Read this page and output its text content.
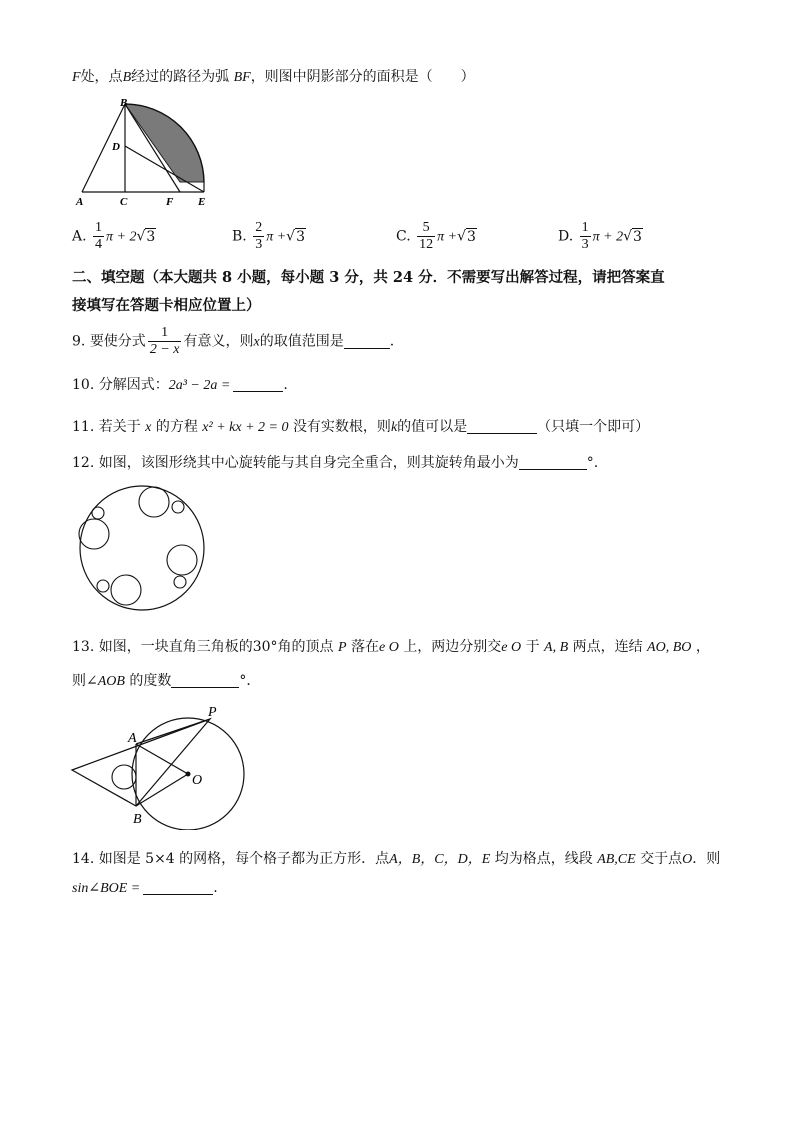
F处，点B经过的路径为弧 BF，则图中阴影部分的面积是（　　）
B
D
A	C	F E
A. $\frac{1}{4}$ π + 2√3	B. $\frac{2}{3}$ π +√3	C. $\frac{5}{12}$ π +√3	D. $\frac{1}{3}$ π + 2√3
二、填空题（本大题共 8 小题，每小题 3 分，共 24 分．不需要写出解答过程，请把答案直
接填写在答题卡相应位置上）
9. 要使分式 $\frac{1}{2 - x}$ 有意义，则x的取值范围是	.
10. 分解因式：2a³ − 2a =	.
11. 若关于 x 的方程 x² + kx + 2 = 0 没有实数根，则k的值可以是	（只填一个即可）
12. 如图，该图形绕其中心旋转能与其自身完全重合，则其旋转角最小为	°.
13. 如图，一块直角三角板的30°角的顶点 P 落在e O 上，两边分别交e O 于 A, B 两点，连结 AO, BO ，
则∠AOB 的度数	°．
P
A
O
B
14. 如图是 5×4 的网格，每个格子都为正方形．点A，B，C，D，E 均为格点，线段 AB,CE 交于点O．则
sin∠BOE =	.
